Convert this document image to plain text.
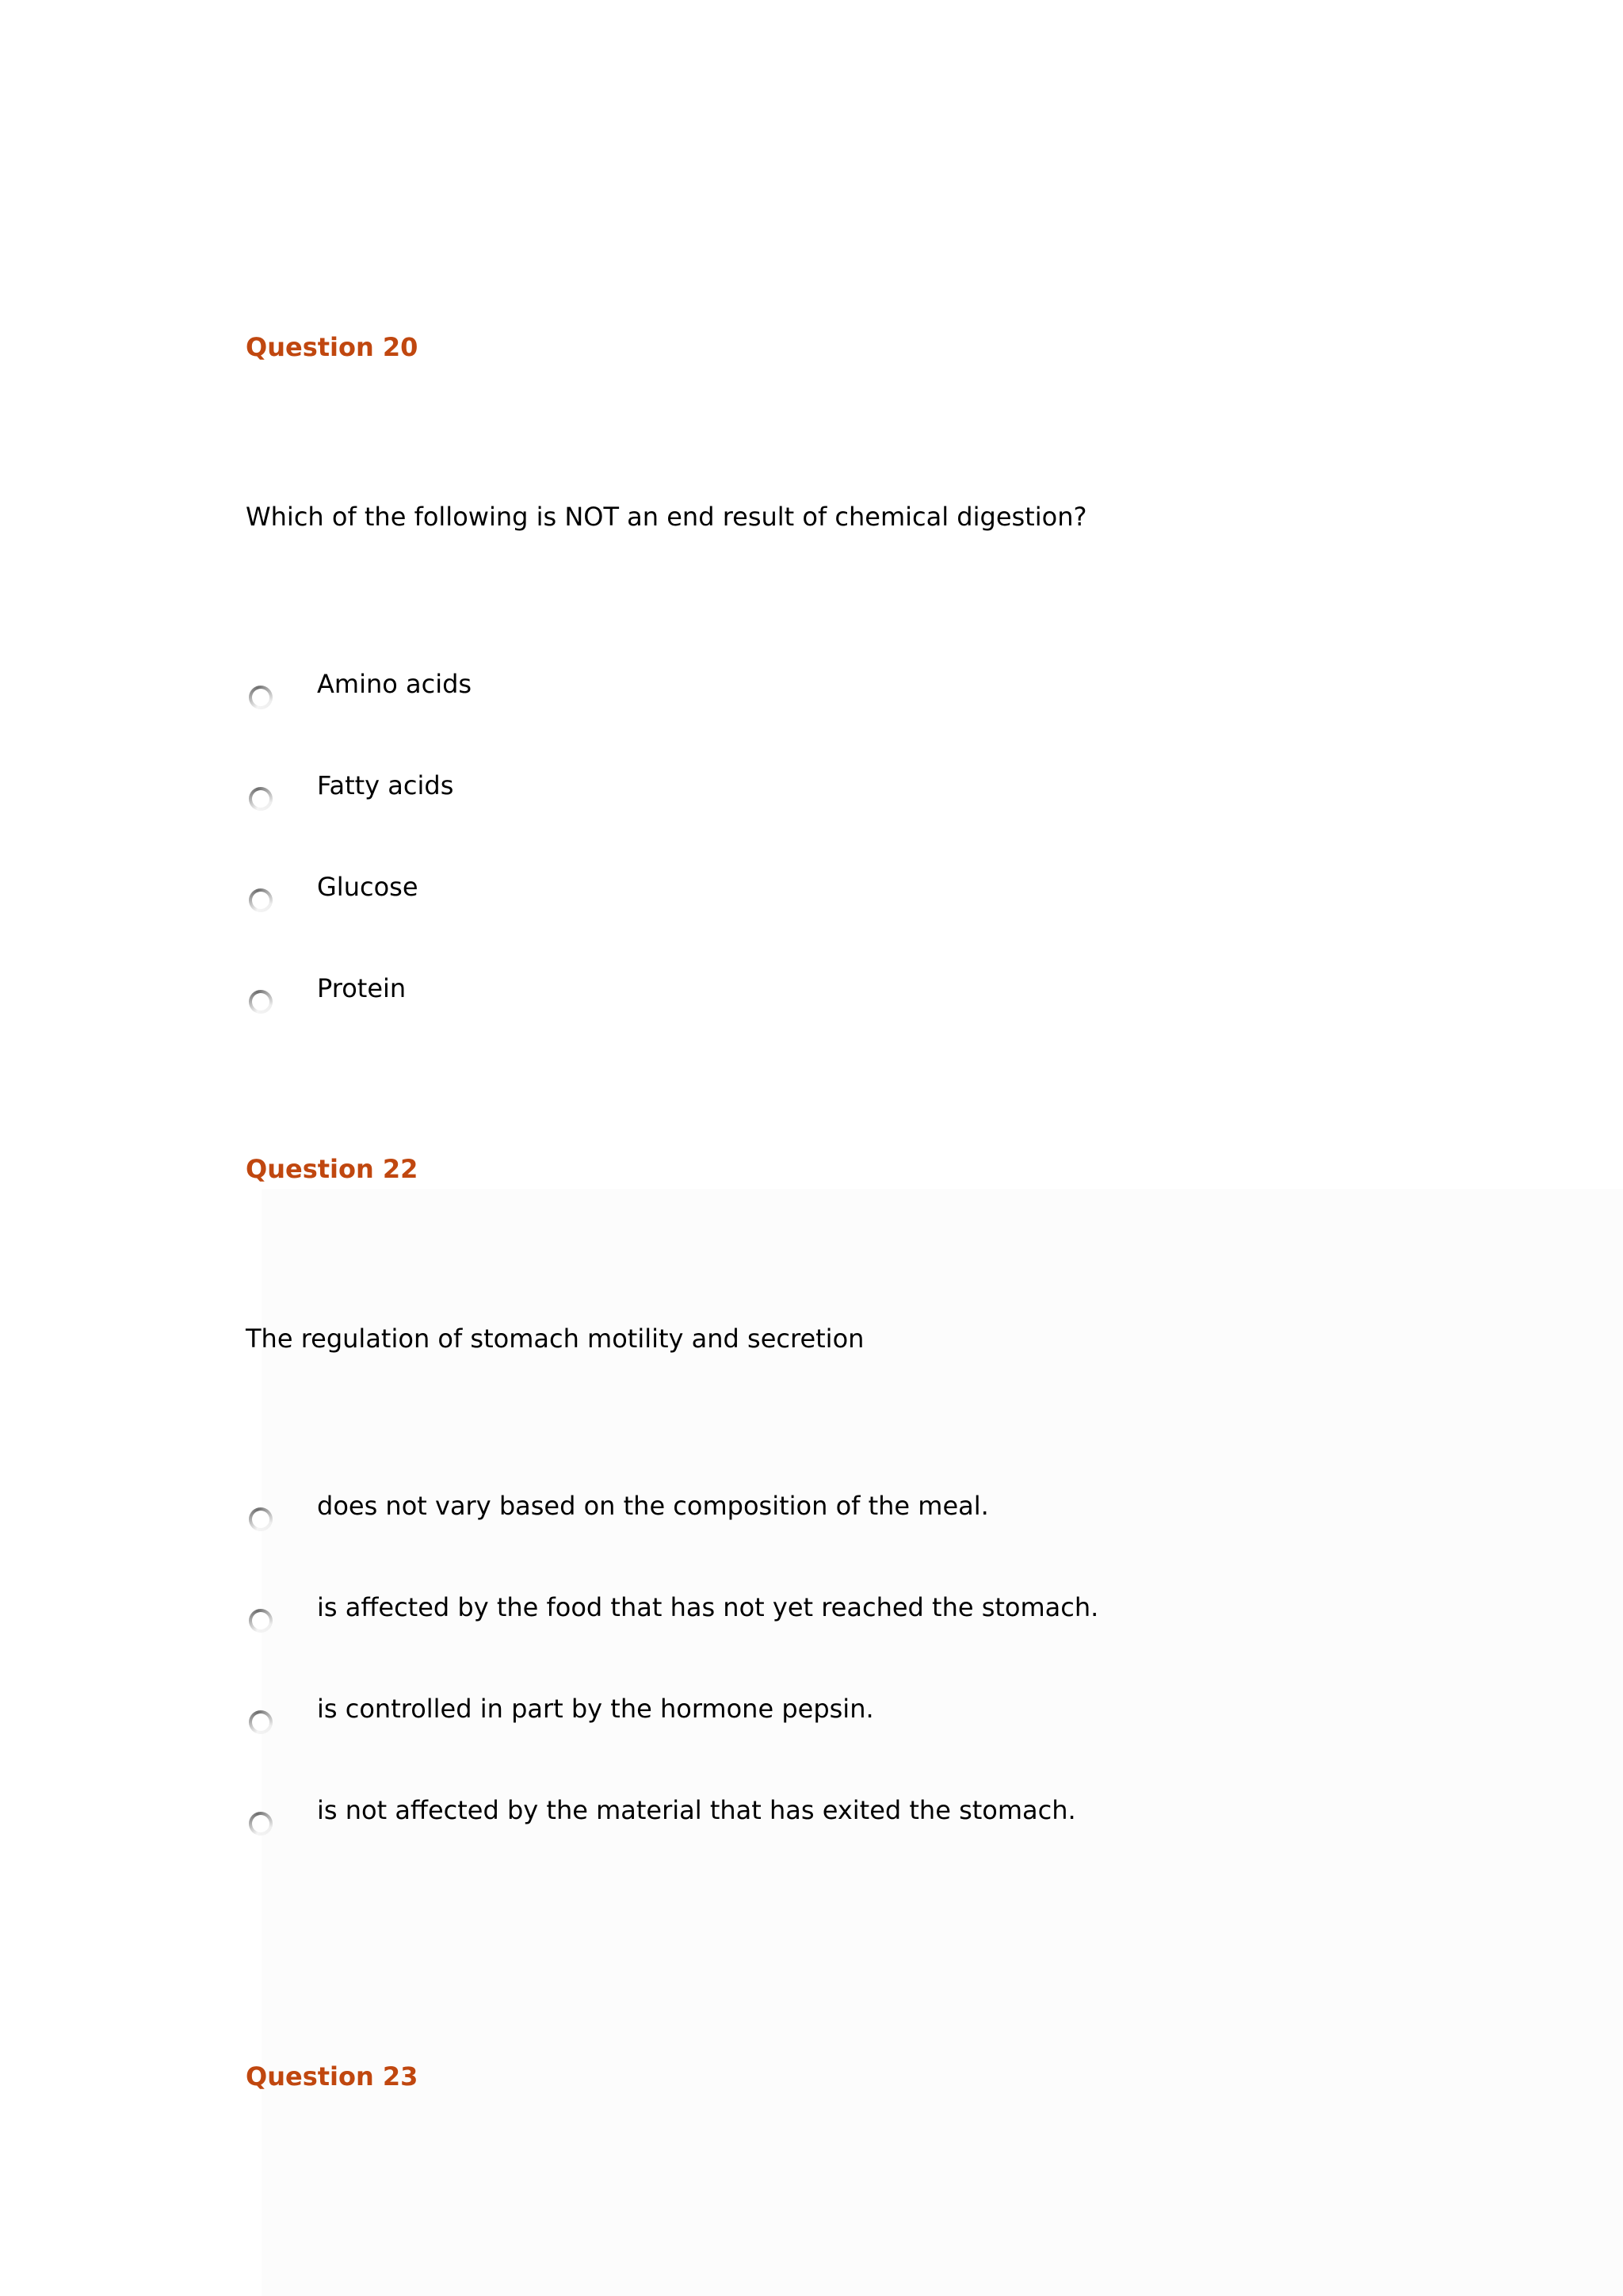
Question 20
Which of the following is NOT an end result of chemical digestion?
Amino acids
Fatty acids
Glucose
Protein
Question 22
The regulation of stomach motility and secretion
does not vary based on the composition of the meal.
is affected by the food that has not yet reached the stomach.
is controlled in part by the hormone pepsin.
is not affected by the material that has exited the stomach.
Question 23
